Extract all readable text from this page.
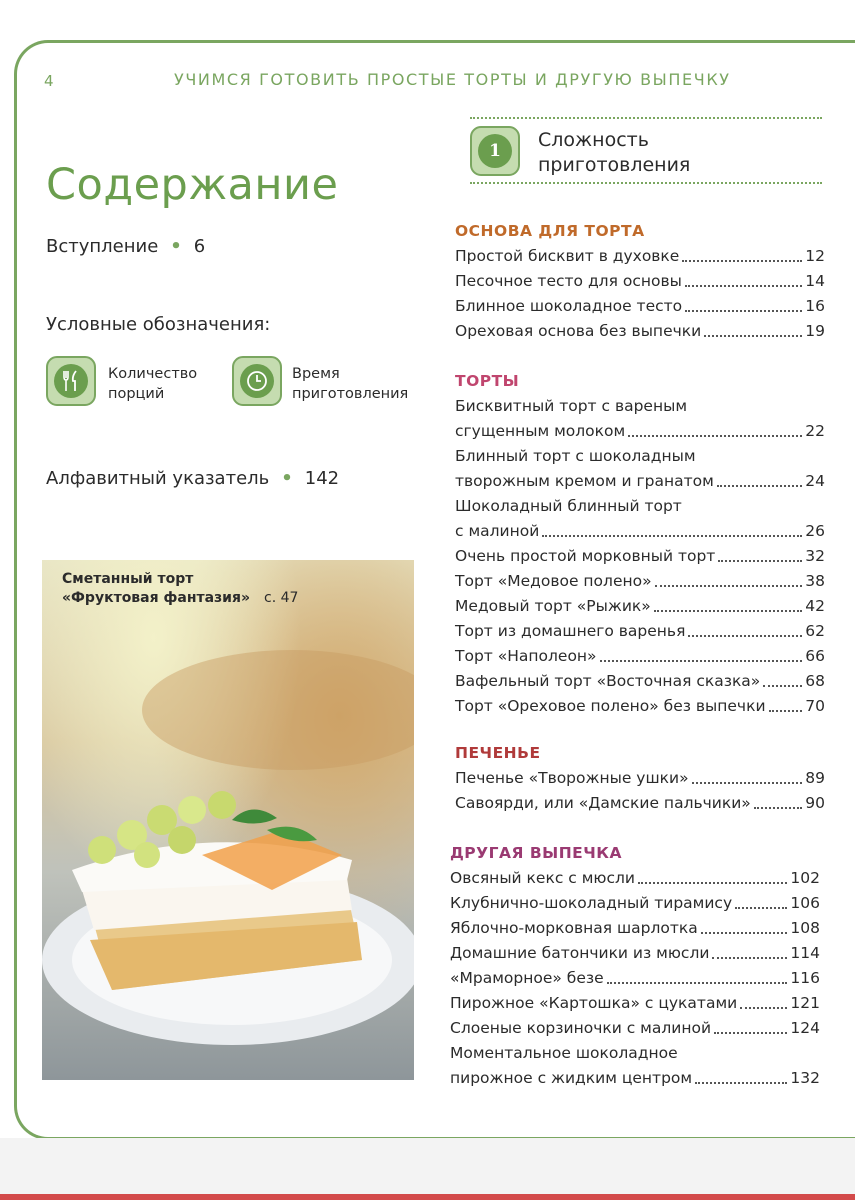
4	УЧИМСЯ ГОТОВИТЬ ПРОСТЫЕ ТОРТЫ И ДРУГУЮ ВЫПЕЧКУ
1	Сложность
приготовления
Содержание
Вступление  •  6
Условные обозначения:
Количество
порций
Время
приготовления
Алфавитный указатель  •  142
Сметанный торт
«Фруктовая фантазия» с. 47
ОСНОВА ДЛЯ ТОРТА
Простой бисквит в духовке	12
Песочное тесто для основы	14
Блинное шоколадное тесто	16
Ореховая основа без выпечки	19
ТОРТЫ
Бисквитный торт с вареным
сгущенным молоком	22
Блинный торт с шоколадным
творожным кремом и гранатом	24
Шоколадный блинный торт
с малиной	26
Очень простой морковный торт	32
Торт «Медовое полено»	38
Медовый торт «Рыжик»	42
Торт из домашнего варенья	62
Торт «Наполеон»	66
Вафельный торт «Восточная сказка»	68
Торт «Ореховое полено» без выпечки	70
ПЕЧЕНЬЕ
Печенье «Творожные ушки»	89
Савоярди, или «Дамские пальчики»	90
ДРУГАЯ ВЫПЕЧКА
Овсяный кекс с мюсли	102
Клубнично-шоколадный тирамису	106
Яблочно-морковная шарлотка	108
Домашние батончики из мюсли	114
«Мраморное» безе	116
Пирожное «Картошка» с цукатами	121
Слоеные корзиночки с малиной	124
Моментальное шоколадное
пирожное с жидким центром	132
